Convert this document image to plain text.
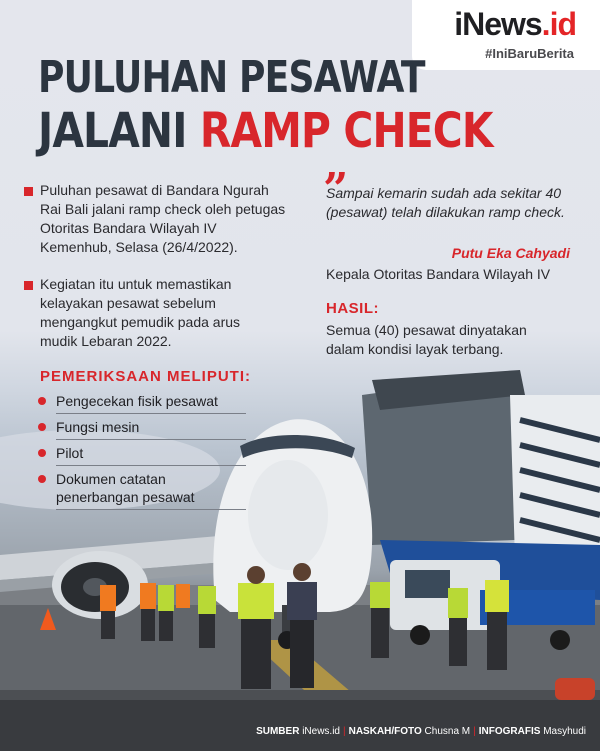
iNews.id
#IniBaruBerita
PULUHAN PESAWAT
JALANI RAMP CHECK
Puluhan pesawat di Bandara Ngurah Rai Bali jalani ramp check oleh petugas Otoritas Bandara Wilayah IV Kemenhub, Selasa (26/4/2022).
Kegiatan itu untuk memastikan kelayakan pesawat sebelum mengangkut pemudik pada arus mudik Lebaran 2022.
”
Sampai kemarin sudah ada sekitar 40 (pesawat) telah dilakukan ramp check.
Putu Eka Cahyadi
Kepala Otoritas Bandara Wilayah IV
HASIL:
Semua (40) pesawat dinyatakan dalam kondisi layak terbang.
PEMERIKSAAN MELIPUTI:
Pengecekan fisik pesawat
Fungsi mesin
Pilot
Dokumen catatan penerbangan pesawat
SUMBER iNews.id | NASKAH/FOTO Chusna M | INFOGRAFIS Masyhudi
